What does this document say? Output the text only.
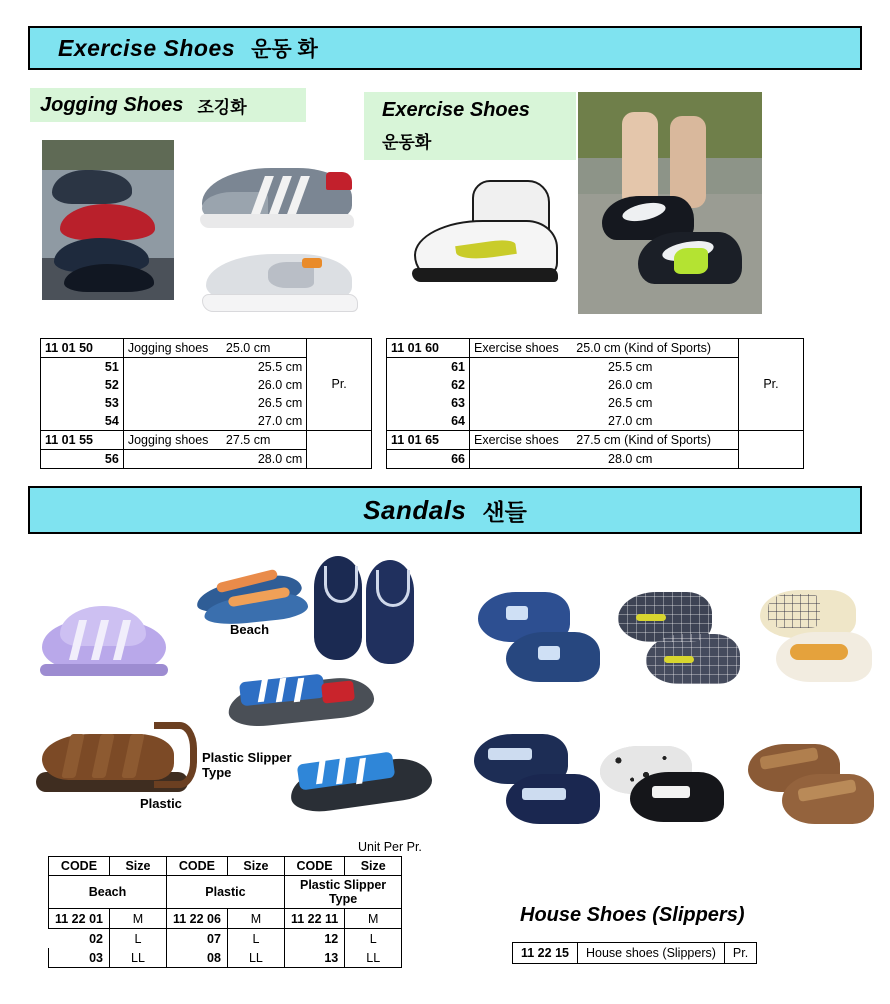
Exercise Shoes 운동 화
Jogging Shoes 조깅화	Exercise Shoes
운동화
11 01 50	Jogging shoes 25.0 cm	Pr.
51	25.5 cm	
52	26.0 cm	
53	26.5 cm	
54	27.0 cm	
11 01 55	Jogging shoes 27.5 cm	
56	28.0 cm	
11 01 60	Exercise shoes 25.0 cm (Kind of Sports)	Pr.
61	25.5 cm	
62	26.0 cm	
63	26.5 cm	
64	27.0 cm	
11 01 65	Exercise shoes 27.5 cm (Kind of Sports)	
66	28.0 cm	
Sandals 샌들
Beach
Plastic
Plastic Slipper
Type
Unit Per Pr.
CODE	Size	CODE	Size	CODE	Size
Beach		Plastic		Plastic Slipper
Type	

11 22 01	M	11 22 06	M	11 22 11	M
02	L	07	L	12	L
03	LL	08	LL	13	LL
House Shoes (Slippers)
11 22 15	House shoes (Slippers)	Pr.
